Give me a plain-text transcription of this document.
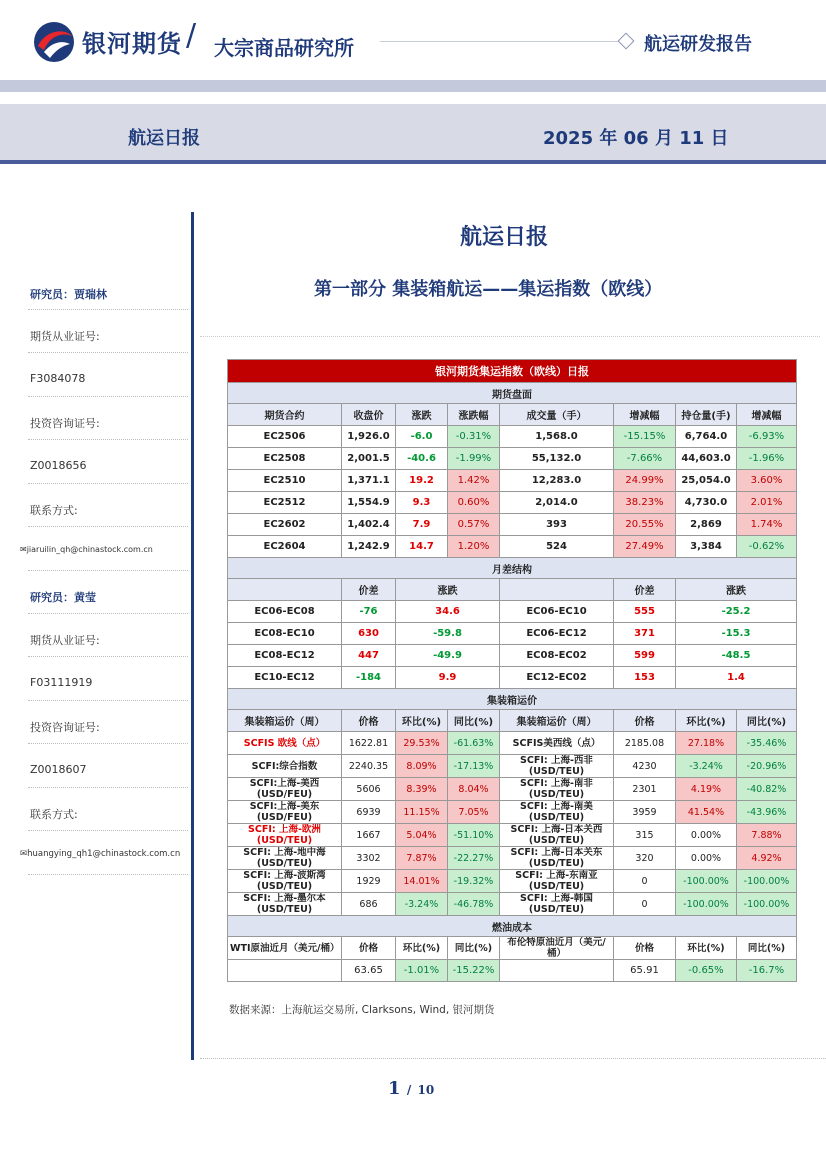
银河期货 / 大宗商品研究所	航运研发报告
航运日报	2025 年 06 月 11 日
研究员：贾瑞林
期货从业证号:
F3084078
投资咨询证号:
Z0018656
联系方式:
✉jiaruilin_qh@chinastock.com.cn
研究员：黄莹
期货从业证号:
F03111919
投资咨询证号:
Z0018607
联系方式:
✉huangying_qh1@chinastock.com.cn
航运日报
第一部分 集装箱航运——集运指数（欧线）
银河期货集运指数（欧线）日报							
期货盘面							
期货合约	收盘价	涨跌	涨跌幅	成交量（手）	增减幅	持仓量(手)	增减幅
EC2506	1,926.0	-6.0	-0.31%	1,568.0	-15.15%	6,764.0	-6.93%
EC2508	2,001.5	-40.6	-1.99%	55,132.0	-7.66%	44,603.0	-1.96%
EC2510	1,371.1	19.2	1.42%	12,283.0	24.99%	25,054.0	3.60%
EC2512	1,554.9	9.3	0.60%	2,014.0	38.23%	4,730.0	2.01%
EC2602	1,402.4	7.9	0.57%	393	20.55%	2,869	1.74%
EC2604	1,242.9	14.7	1.20%	524	27.49%	3,384	-0.62%
月差结构							
	价差	涨跌			价差	涨跌	
EC06-EC08	-76	34.6		EC06-EC10	555	-25.2	
EC08-EC10	630	-59.8		EC06-EC12	371	-15.3	
EC08-EC12	447	-49.9		EC08-EC02	599	-48.5	
EC10-EC12	-184	9.9		EC12-EC02	153	1.4	
集装箱运价							
集装箱运价（周）	价格	环比(%)	同比(%)	集装箱运价（周）	价格	环比(%)	同比(%)
SCFIS 欧线（点）	1622.81	29.53%	-61.63%	SCFIS美西线（点）	2185.08	27.18%	-35.46%
SCFI:综合指数	2240.35	8.09%	-17.13%	SCFI: 上海-西非 (USD/TEU)	4230	-3.24%	-20.96%
SCFI:上海-美西 (USD/FEU)	5606	8.39%	8.04%	SCFI: 上海-南非 (USD/TEU)	2301	4.19%	-40.82%
SCFI:上海-美东 (USD/FEU)	6939	11.15%	7.05%	SCFI: 上海-南美 (USD/TEU)	3959	41.54%	-43.96%
SCFI: 上海-欧洲 (USD/TEU)	1667	5.04%	-51.10%	SCFI: 上海-日本关西 (USD/TEU)	315	0.00%	7.88%
SCFI: 上海-地中海 (USD/TEU)	3302	7.87%	-22.27%	SCFI: 上海-日本关东 (USD/TEU)	320	0.00%	4.92%
SCFI: 上海-波斯湾 (USD/TEU)	1929	14.01%	-19.32%	SCFI: 上海-东南亚 (USD/TEU)	0	-100.00%	-100.00%
SCFI: 上海-墨尔本 (USD/TEU)	686	-3.24%	-46.78%	SCFI: 上海-韩国 (USD/TEU)	0	-100.00%	-100.00%
燃油成本							
WTI原油近月（美元/桶）	价格	环比(%)	同比(%)	布伦特原油近月（美元/桶）	价格	环比(%)	同比(%)
	63.65	-1.01%	-15.22%		65.91	-0.65%	-16.7%
数据来源：上海航运交易所, Clarksons, Wind, 银河期货
1 / 10
